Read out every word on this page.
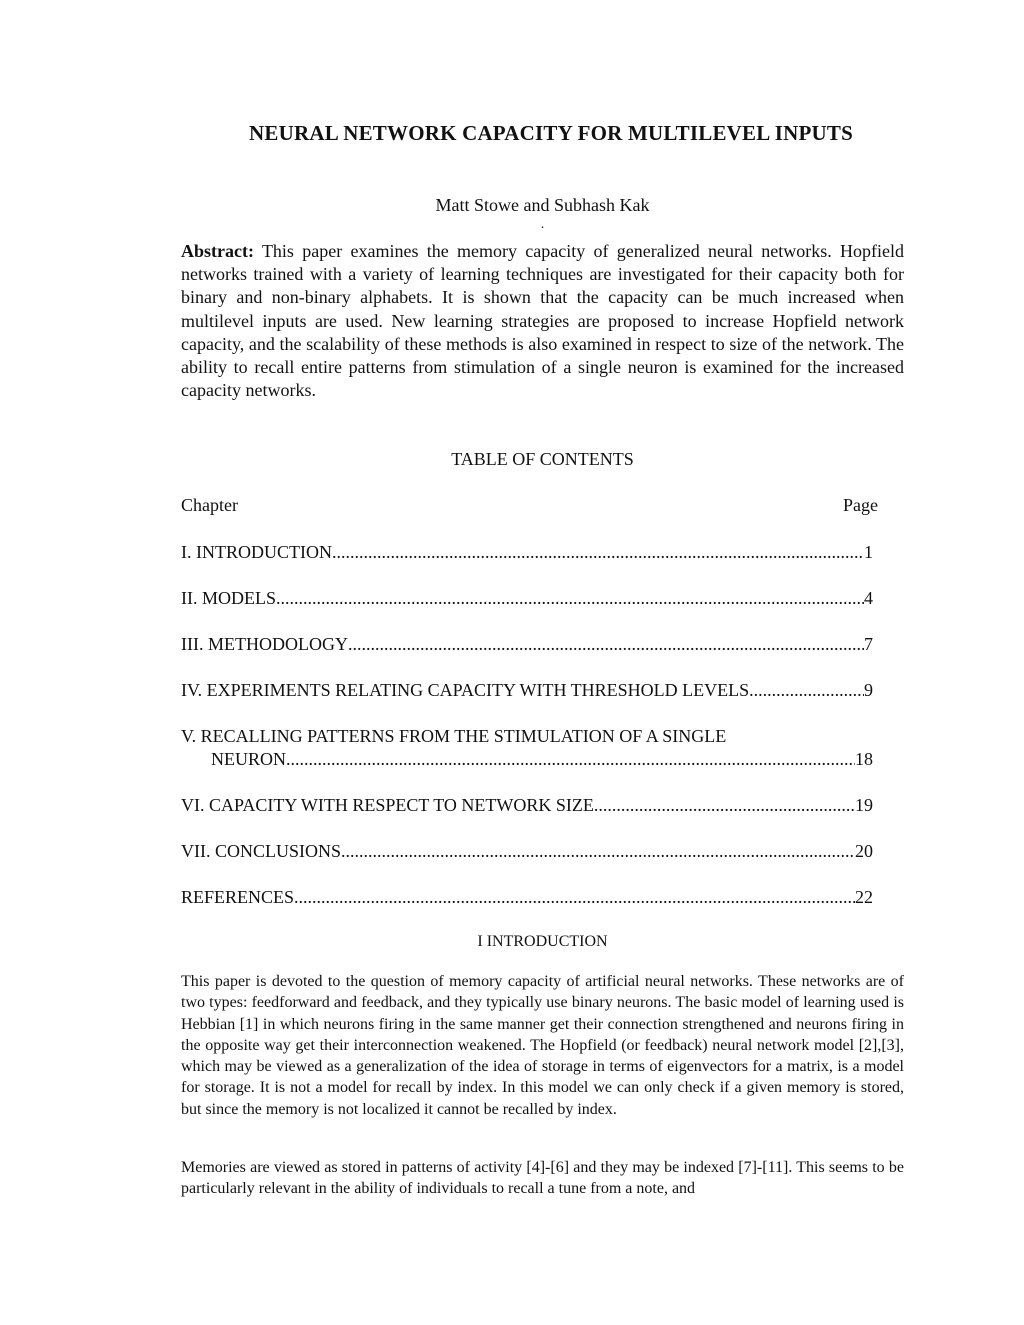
NEURAL NETWORK CAPACITY FOR MULTILEVEL INPUTS
Matt Stowe and Subhash Kak
.

Abstract: This paper examines the memory capacity of generalized neural networks. Hopfield networks trained with a variety of learning techniques are investigated for their capacity both for binary and non-binary alphabets. It is shown that the capacity can be much increased when multilevel inputs are used. New learning strategies are proposed to increase Hopfield network capacity, and the scalability of these methods is also examined in respect to size of the network. The ability to recall entire patterns from stimulation of a single neuron is examined for the increased capacity networks.

TABLE OF CONTENTS
Chapter	Page
I. INTRODUCTION .....	1
II. MODELS .....	4
III. METHODOLOGY .....	7
IV. EXPERIMENTS RELATING CAPACITY WITH THRESHOLD LEVELS .....	9
V. RECALLING PATTERNS FROM THE STIMULATION OF A SINGLE
NEURON .....	18
VI. CAPACITY WITH RESPECT TO NETWORK SIZE .....	19
VII. CONCLUSIONS .....	20
REFERENCES .....	22
I INTRODUCTION

This paper is devoted to the question of memory capacity of artificial neural networks. These networks are of two types: feedforward and feedback, and they typically use binary neurons. The basic model of learning used is Hebbian [1] in which neurons firing in the same manner get their connection strengthened and neurons firing in the opposite way get their interconnection weakened. The Hopfield (or feedback) neural network model [2],[3], which may be viewed as a generalization of the idea of storage in terms of eigenvectors for a matrix, is a model for storage. It is not a model for recall by index. In this model we can only check if a given memory is stored, but since the memory is not localized it cannot be recalled by index.

Memories are viewed as stored in patterns of activity [4]-[6] and they may be indexed [7]-[11]. This seems to be particularly relevant in the ability of individuals to recall a tune from a note, and
